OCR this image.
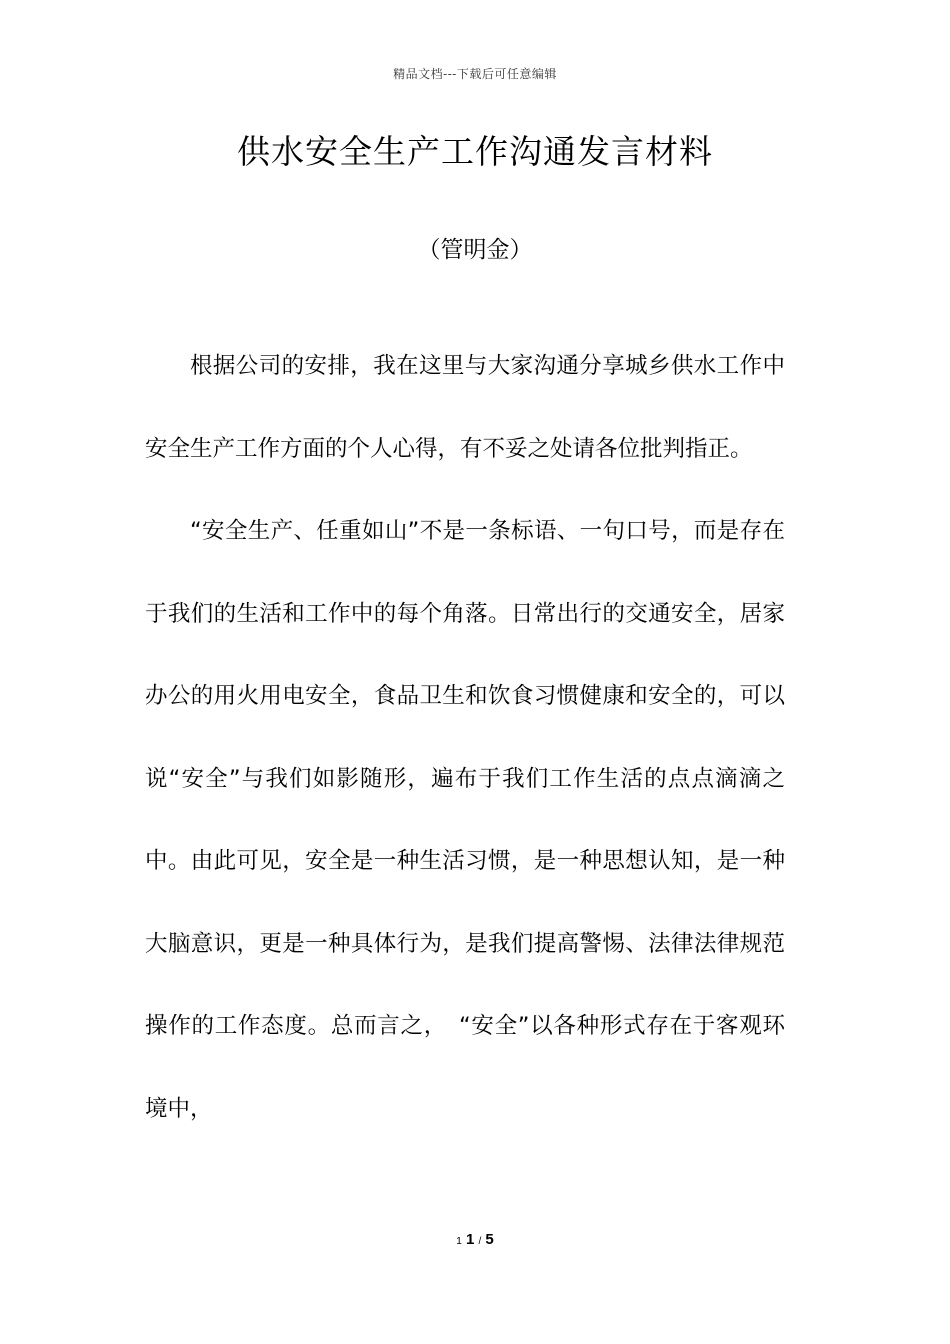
精品文档---下载后可任意编辑
供水安全生产工作沟通发言材料
（管明金）

根据公司的安排，我在这里与大家沟通分享城乡供水工作中安全生产工作方面的个人心得，有不妥之处请各位批判指正。

“安全生产、任重如山”不是一条标语、一句口号，而是存在于我们的生活和工作中的每个角落。日常出行的交通安全，居家办公的用火用电安全，食品卫生和饮食习惯健康和安全的，可以说“安全”与我们如影随形，遍布于我们工作生活的点点滴滴之中。由此可见，安全是一种生活习惯，是一种思想认知，是一种大脑意识，更是一种具体行为，是我们提高警惕、法律法律规范操作的工作态度。总而言之，　“安全”以各种形式存在于客观环境中，

1 1 / 5
